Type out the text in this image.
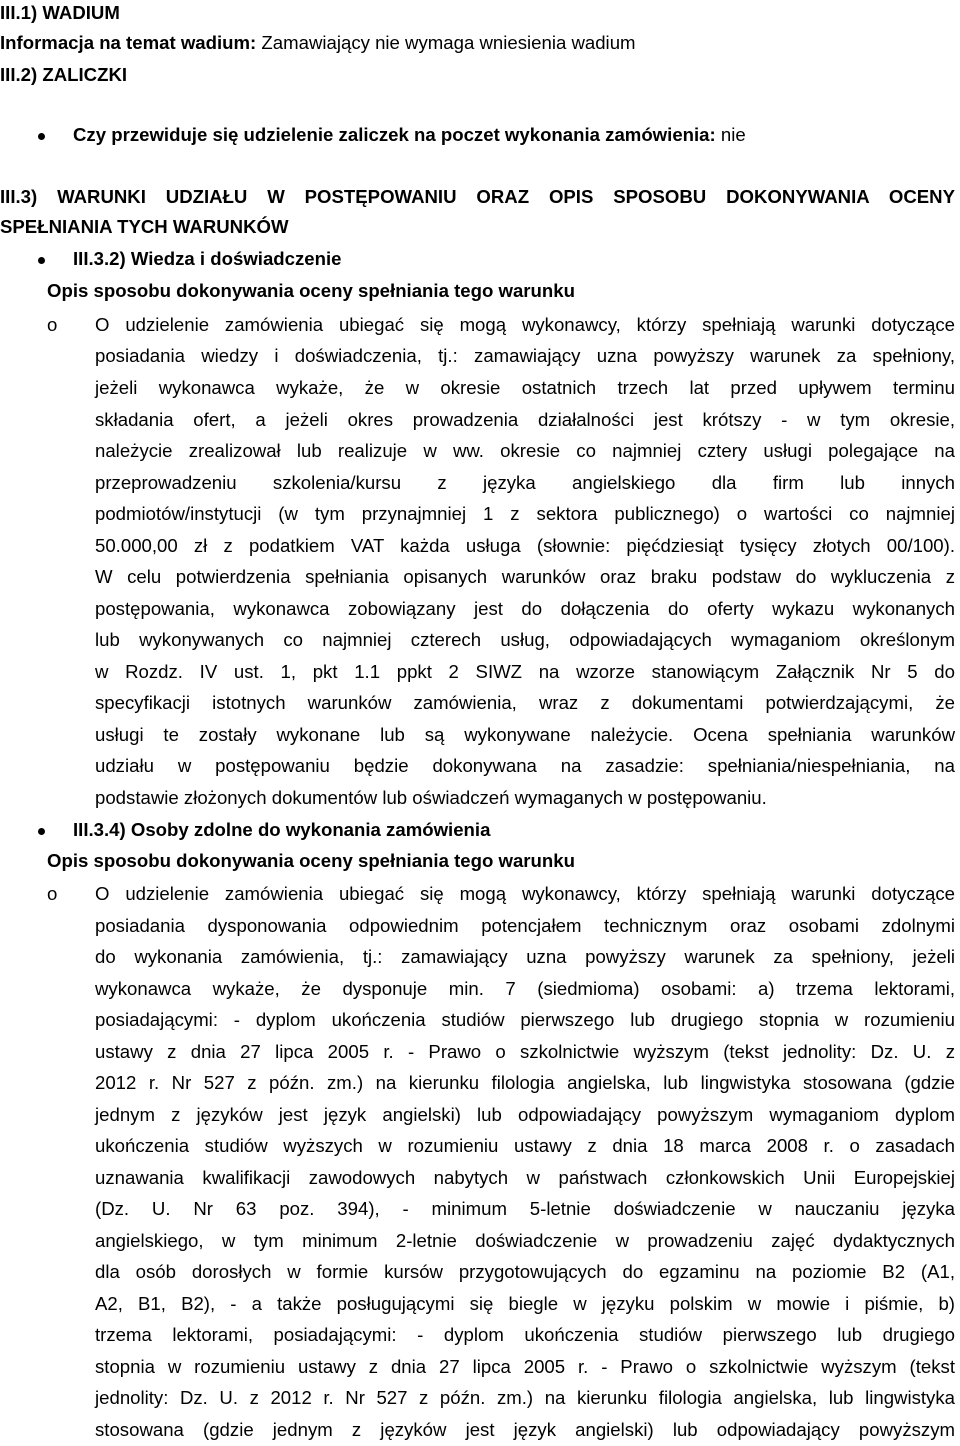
III.1) WADIUM
Informacja na temat wadium: Zamawiający nie wymaga wniesienia wadium
III.2) ZALICZKI
Czy przewiduje się udzielenie zaliczek na poczet wykonania zamówienia: nie
III.3) WARUNKI UDZIAŁU W POSTĘPOWANIU ORAZ OPIS SPOSOBU DOKONYWANIA OCENY
SPEŁNIANIA TYCH WARUNKÓW
III.3.2) Wiedza i doświadczenie
Opis sposobu dokonywania oceny spełniania tego warunku
o O udzielenie zamówienia ubiegać się mogą wykonawcy, którzy spełniają warunki dotyczące
posiadania wiedzy i doświadczenia, tj.: zamawiający uzna powyższy warunek za spełniony,
jeżeli wykonawca wykaże, że w okresie ostatnich trzech lat przed upływem terminu
składania ofert, a jeżeli okres prowadzenia działalności jest krótszy - w tym okresie,
należycie zrealizował lub realizuje w ww. okresie co najmniej cztery usługi polegające na
przeprowadzeniu szkolenia/kursu z języka angielskiego dla firm lub innych
podmiotów/instytucji (w tym przynajmniej 1 z sektora publicznego) o wartości co najmniej
50.000,00 zł z podatkiem VAT każda usługa (słownie: pięćdziesiąt tysięcy złotych 00/100).
W celu potwierdzenia spełniania opisanych warunków oraz braku podstaw do wykluczenia z
postępowania, wykonawca zobowiązany jest do dołączenia do oferty wykazu wykonanych
lub wykonywanych co najmniej czterech usług, odpowiadających wymaganiom określonym
w Rozdz. IV ust. 1, pkt 1.1 ppkt 2 SIWZ na wzorze stanowiącym Załącznik Nr 5 do
specyfikacji istotnych warunków zamówienia, wraz z dokumentami potwierdzającymi, że
usługi te zostały wykonane lub są wykonywane należycie. Ocena spełniania warunków
udziału w postępowaniu będzie dokonywana na zasadzie: spełniania/niespełniania, na
podstawie złożonych dokumentów lub oświadczeń wymaganych w postępowaniu.
III.3.4) Osoby zdolne do wykonania zamówienia
Opis sposobu dokonywania oceny spełniania tego warunku
o O udzielenie zamówienia ubiegać się mogą wykonawcy, którzy spełniają warunki dotyczące
posiadania dysponowania odpowiednim potencjałem technicznym oraz osobami zdolnymi
do wykonania zamówienia, tj.: zamawiający uzna powyższy warunek za spełniony, jeżeli
wykonawca wykaże, że dysponuje min. 7 (siedmioma) osobami: a) trzema lektorami,
posiadającymi: - dyplom ukończenia studiów pierwszego lub drugiego stopnia w rozumieniu
ustawy z dnia 27 lipca 2005 r. - Prawo o szkolnictwie wyższym (tekst jednolity: Dz. U. z
2012 r. Nr 527 z późn. zm.) na kierunku filologia angielska, lub lingwistyka stosowana (gdzie
jednym z języków jest język angielski) lub odpowiadający powyższym wymaganiom dyplom
ukończenia studiów wyższych w rozumieniu ustawy z dnia 18 marca 2008 r. o zasadach
uznawania kwalifikacji zawodowych nabytych w państwach członkowskich Unii Europejskiej
(Dz. U. Nr 63 poz. 394), - minimum 5-letnie doświadczenie w nauczaniu języka
angielskiego, w tym minimum 2-letnie doświadczenie w prowadzeniu zajęć dydaktycznych
dla osób dorosłych w formie kursów przygotowujących do egzaminu na poziomie B2 (A1,
A2, B1, B2), - a także posługującymi się biegle w języku polskim w mowie i piśmie, b)
trzema lektorami, posiadającymi: - dyplom ukończenia studiów pierwszego lub drugiego
stopnia w rozumieniu ustawy z dnia 27 lipca 2005 r. - Prawo o szkolnictwie wyższym (tekst
jednolity: Dz. U. z 2012 r. Nr 527 z późn. zm.) na kierunku filologia angielska, lub lingwistyka
stosowana (gdzie jednym z języków jest język angielski) lub odpowiadający powyższym
